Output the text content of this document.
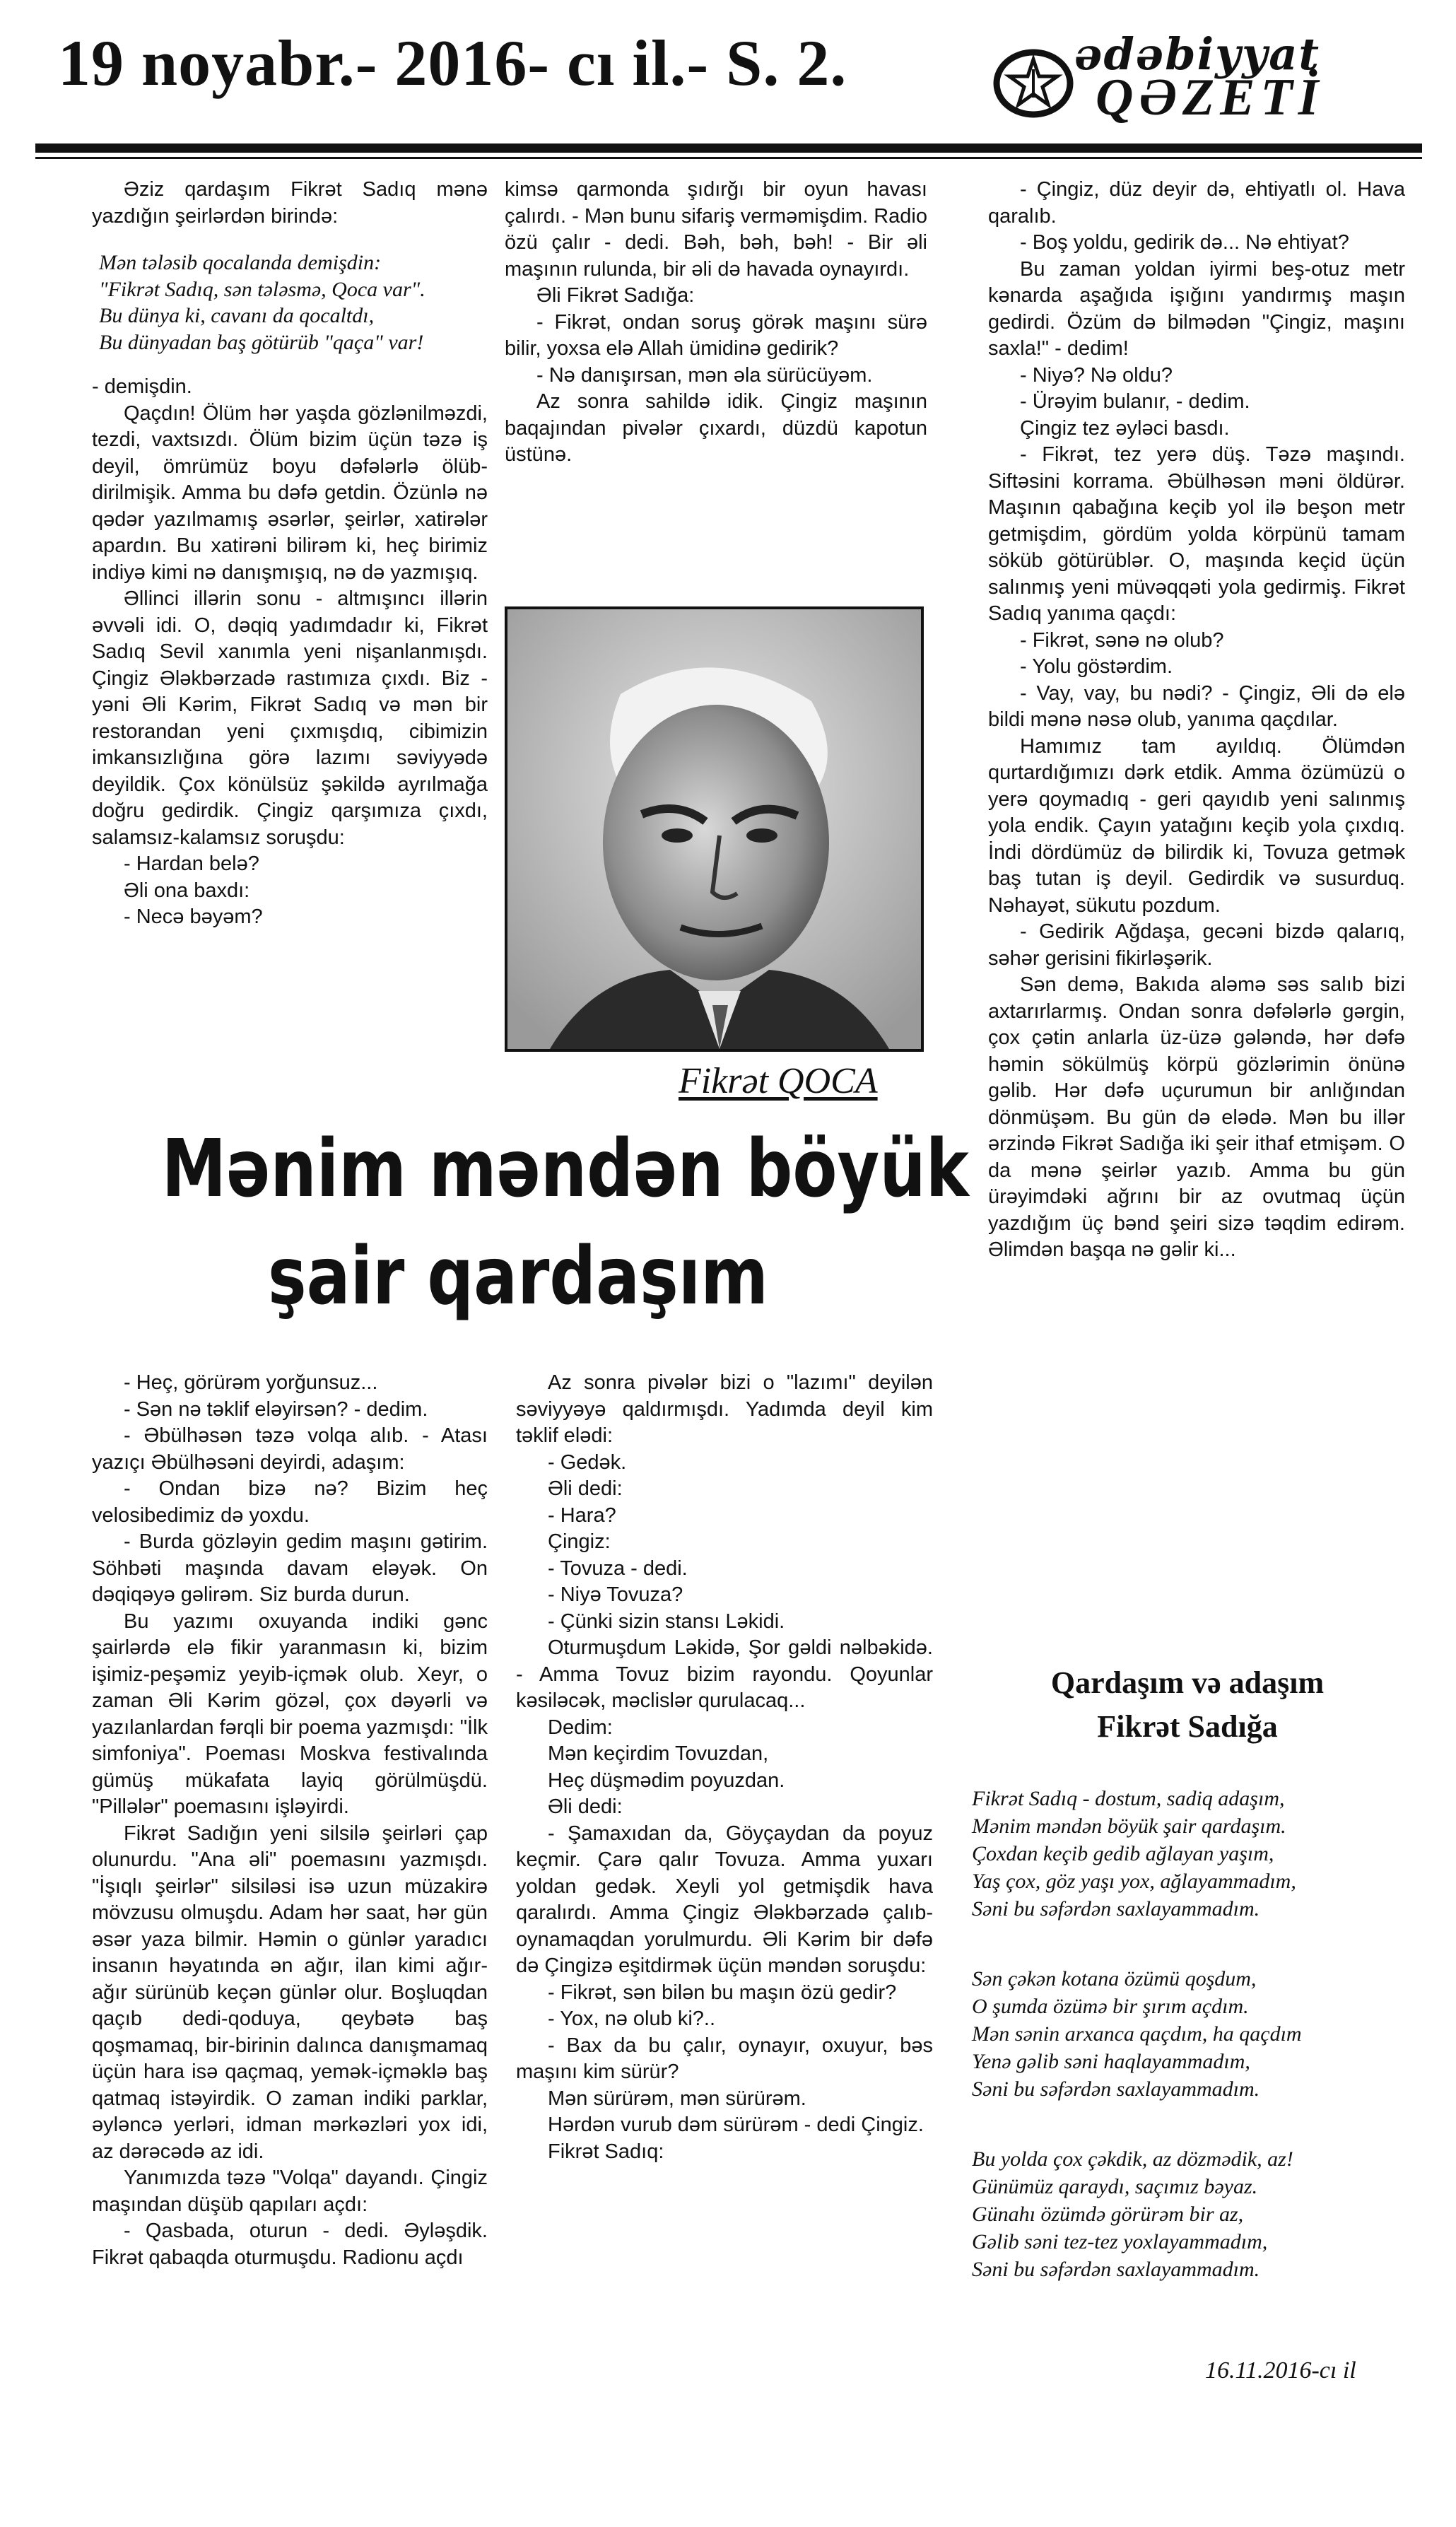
19 noyabr.- 2016- cı il.- S. 2.	ədəbiyyat
QƏZETİ

Əziz qardaşım Fikrət Sadıq mənə yazdığın şeirlərdən birində:

Mən tələsib qocalanda demişdin:
"Fikrət Sadıq, sən tələsmə, Qoca var".
Bu dünya ki, cavanı da qocaltdı,
Bu dünyadan baş götürüb "qaça" var!

- demişdin.

Qaçdın! Ölüm hər yaşda gözlənilməzdi, tezdi, vaxtsızdı. Ölüm bizim üçün təzə iş deyil, ömrümüz boyu dəfələrlə ölüb-dirilmişik. Amma bu dəfə getdin. Özünlə nə qədər yazılmamış əsərlər, şeirlər, xatirələr apardın. Bu xatirəni bilirəm ki, heç birimiz indiyə kimi nə danışmışıq, nə də yazmışıq.

Əllinci illərin sonu - altmışıncı illərin əvvəli idi. O, dəqiq yadımdadır ki, Fikrət Sadıq Sevil xanımla yeni nişanlanmışdı. Çingiz Ələkbərzadə rastımıza çıxdı. Biz - yəni Əli Kərim, Fikrət Sadıq və mən bir restorandan yeni çıxmışdıq, cibimizin imkansızlığına görə lazımı səviyyədə deyildik. Çox könülsüz şəkildə ayrılmağa doğru gedirdik. Çingiz qarşımıza çıxdı, salamsız-kalamsız soruşdu:

- Hardan belə?

Əli ona baxdı:

- Necə bəyəm?

kimsə qarmonda şıdırğı bir oyun havası çalırdı. - Mən bunu sifariş verməmişdim. Radio özü çalır - dedi. Bəh, bəh, bəh! - Bir əli maşının rulunda, bir əli də havada oynayırdı.

Əli Fikrət Sadığa:

- Fikrət, ondan soruş görək maşını sürə bilir, yoxsa elə Allah ümidinə gedirik?

- Nə danışırsan, mən əla sürücüyəm.

Az sonra sahildə idik. Çingiz maşının baqajından pivələr çıxardı, düzdü kapotun üstünə.

Fikrət QOCA
Mənim məndən böyük
şair qardaşım

- Heç, görürəm yorğunsuz...

- Sən nə təklif eləyirsən? - dedim.

- Əbülhəsən təzə volqa alıb. - Atası yazıçı Əbülhəsəni deyirdi, adaşım:

- Ondan bizə nə? Bizim heç velosibedimiz də yoxdu.

- Burda gözləyin gedim maşını gətirim. Söhbəti maşında davam eləyək. On dəqiqəyə gəlirəm. Siz burda durun.

Bu yazımı oxuyanda indiki gənc şairlərdə elə fikir yaranmasın ki, bizim işimiz-peşəmiz yeyib-içmək olub. Xeyr, o zaman Əli Kərim gözəl, çox dəyərli və yazılanlardan fərqli bir poema yazmışdı: "İlk simfoniya". Poeması Moskva festivalında gümüş mükafata layiq görülmüşdü. "Pillələr" poemasını işləyirdi.

Fikrət Sadığın yeni silsilə şeirləri çap olunurdu. "Ana əli" poemasını yazmışdı. "İşıqlı şeirlər" silsiləsi isə uzun müzakirə mövzusu olmuşdu. Adam hər saat, hər gün əsər yaza bilmir. Həmin o günlər yaradıcı insanın həyatında ən ağır, ilan kimi ağır-ağır sürünüb keçən günlər olur. Boşluqdan qaçıb dedi-qoduya, qeybətə baş qoşmamaq, bir-birinin dalınca danışmamaq üçün hara isə qaçmaq, yemək-içməklə baş qatmaq istəyirdik. O zaman indiki parklar, əyləncə yerləri, idman mərkəzləri yox idi, az dərəcədə az idi.

Yanımızda təzə "Volqa" dayandı. Çingiz maşından düşüb qapıları açdı:

- Qasbada, oturun - dedi. Əyləşdik. Fikrət qabaqda oturmuşdu. Radionu açdı

Az sonra pivələr bizi o "lazımı" deyilən səviyyəyə qaldırmışdı. Yadımda deyil kim təklif elədi:

- Gedək.

Əli dedi:

- Hara?

Çingiz:

- Tovuza - dedi.

- Niyə Tovuza?

- Çünki sizin stansı Ləkidi.

Oturmuşdum Ləkidə, Şor gəldi nəlbəkidə. - Amma Tovuz bizim rayondu. Qoyunlar kəsiləcək, məclislər qurulacaq...

Dedim:

Mən keçirdim Tovuzdan,

Heç düşmədim poyuzdan.

Əli dedi:

- Şamaxıdan da, Göyçaydan da poyuz keçmir. Çarə qalır Tovuza. Amma yuxarı yoldan gedək. Xeyli yol getmişdik hava qaralırdı. Amma Çingiz Ələkbərzadə çalıb-oynamaqdan yorulmurdu. Əli Kərim bir dəfə də Çingizə eşitdirmək üçün məndən soruşdu:

- Fikrət, sən bilən bu maşın özü gedir?

- Yox, nə olub ki?..

- Bax da bu çalır, oynayır, oxuyur, bəs maşını kim sürür?

Mən sürürəm, mən sürürəm.

Hərdən vurub dəm sürürəm - dedi Çingiz.

Fikrət Sadıq:

- Çingiz, düz deyir də, ehtiyatlı ol. Hava qaralıb.

- Boş yoldu, gedirik də... Nə ehtiyat?

Bu zaman yoldan iyirmi beş-otuz metr kənarda aşağıda işığını yandırmış maşın gedirdi. Özüm də bilmədən "Çingiz, maşını saxla!" - dedim!

- Niyə? Nə oldu?

- Ürəyim bulanır, - dedim.

Çingiz tez əyləci basdı.

- Fikrət, tez yerə düş. Təzə maşındı. Siftəsini korrama. Əbülhəsən məni öldürər. Maşının qabağına keçib yol ilə beşon metr getmişdim, gördüm yolda körpünü tamam söküb götürüblər. O, maşında keçid üçün salınmış yeni müvəqqəti yola gedirmiş. Fikrət Sadıq yanıma qaçdı:

- Fikrət, sənə nə olub?

- Yolu göstərdim.

- Vay, vay, bu nədi? - Çingiz, Əli də elə bildi mənə nəsə olub, yanıma qaçdılar.

Hamımız tam ayıldıq. Ölümdən qurtardığımızı dərk etdik. Amma özümüzü o yerə qoymadıq - geri qayıdıb yeni salınmış yola endik. Çayın yatağını keçib yola çıxdıq. İndi dördümüz də bilirdik ki, Tovuza getmək baş tutan iş deyil. Gedirdik və susurduq. Nəhayət, sükutu pozdum.

- Gedirik Ağdaşa, gecəni bizdə qalarıq, səhər gerisini fikirləşərik.

Sən demə, Bakıda aləmə səs salıb bizi axtarırlarmış. Ondan sonra dəfələrlə gərgin, çox çətin anlarla üz-üzə gələndə, hər dəfə həmin sökülmüş körpü gözlərimin önünə gəlib. Hər dəfə uçurumun bir anlığından dönmüşəm. Bu gün də elədə. Mən bu illər ərzində Fikrət Sadığa iki şeir ithaf etmişəm. O da mənə şeirlər yazıb. Amma bu gün ürəyimdəki ağrını bir az ovutmaq üçün yazdığım üç bənd şeiri sizə təqdim edirəm. Əlimdən başqa nə gəlir ki...

Qardaşım və adaşım
Fikrət Sadığa
Fikrət Sadıq - dostum, sadiq adaşım,
Mənim məndən böyük şair qardaşım.
Çoxdan keçib gedib ağlayan yaşım,
Yaş çox, göz yaşı yox, ağlayammadım,
Səni bu səfərdən saxlayammadım.
Sən çəkən kotana özümü qoşdum,
O şumda özümə bir şırım açdım.
Mən sənin arxanca qaçdım, ha qaçdım
Yenə gəlib səni haqlayammadım,
Səni bu səfərdən saxlayammadım.
Bu yolda çox çəkdik, az dözmədik, az!
Günümüz qaraydı, saçımız bəyaz.
Günahı özümdə görürəm bir az,
Gəlib səni tez-tez yoxlayammadım,
Səni bu səfərdən saxlayammadım.
16.11.2016-cı il
